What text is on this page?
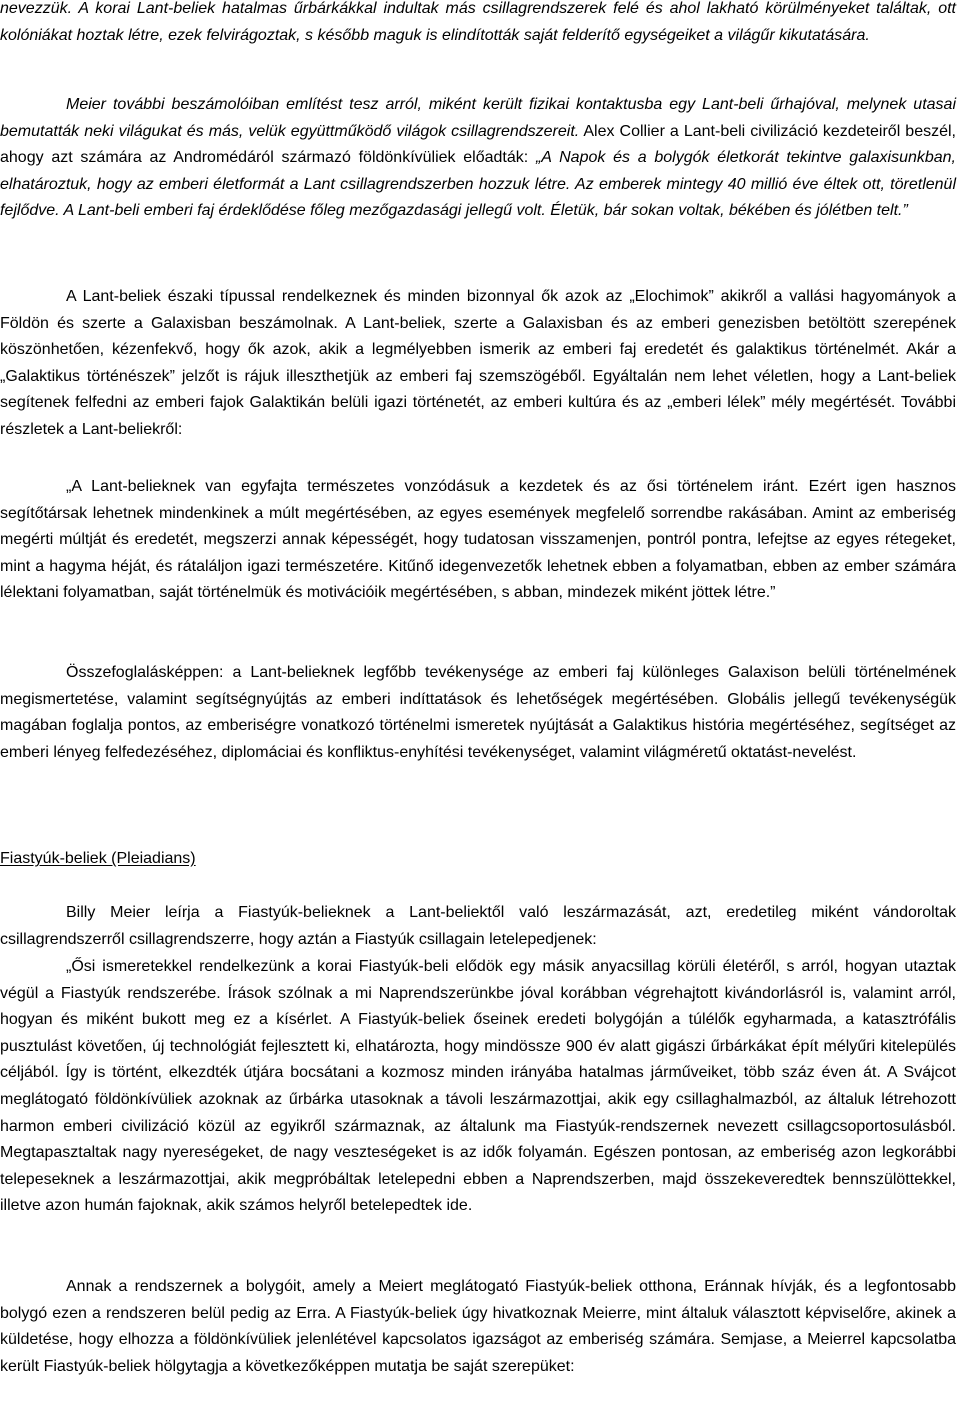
nevezzük. A korai Lant-beliek hatalmas űrbárkákkal indultak más csillagrendszerek felé és ahol lakható körülményeket találtak, ott kolóniákat hoztak létre, ezek felvirágoztak, s később maguk is elindították saját felderítő egységeiket a világűr kikutatására.

Meier további beszámolóiban említést tesz arról, miként került fizikai kontaktusba egy Lant-beli űrhajóval, melynek utasai bemutatták neki világukat és más, velük együttműködő világok csillagrendszereit. Alex Collier a Lant-beli civilizáció kezdeteiről beszél, ahogy azt számára az Andromédáról származó földönkívüliek előadták: „A Napok és a bolygók életkorát tekintve galaxisunkban, elhatároztuk, hogy az emberi életformát a Lant csillagrendszerben hozzuk létre. Az emberek mintegy 40 millió éve éltek ott, töretlenül fejlődve. A Lant-beli emberi faj érdeklődése főleg mezőgazdasági jellegű volt. Életük, bár sokan voltak, békében és jólétben telt.”

A Lant-beliek északi típussal rendelkeznek és minden bizonnyal ők azok az „Elochimok” akikről a vallási hagyományok a Földön és szerte a Galaxisban beszámolnak. A Lant-beliek, szerte a Galaxisban és az emberi genezisben betöltött szerepének köszönhetően, kézenfekvő, hogy ők azok, akik a legmélyebben ismerik az emberi faj eredetét és galaktikus történelmét. Akár a „Galaktikus történészek” jelzőt is rájuk illeszthetjük az emberi faj szemszögéből. Egyáltalán nem lehet véletlen, hogy a Lant-beliek segítenek felfedni az emberi fajok Galaktikán belüli igazi történetét, az emberi kultúra és az „emberi lélek” mély megértését. További részletek a Lant-beliekről:

„A Lant-belieknek van egyfajta természetes vonzódásuk a kezdetek és az ősi történelem iránt. Ezért igen hasznos segítőtársak lehetnek mindenkinek a múlt megértésében, az egyes események megfelelő sorrendbe rakásában. Amint az emberiség megérti múltját és eredetét, megszerzi annak képességét, hogy tudatosan visszamenjen, pontról pontra, lefejtse az egyes rétegeket, mint a hagyma héját, és rátaláljon igazi természetére. Kitűnő idegenvezetők lehetnek ebben a folyamatban, ebben az ember számára lélektani folyamatban, saját történelmük és motivációik megértésében, s abban, mindezek miként jöttek létre.”

Összefoglalásképpen: a Lant-belieknek legfőbb tevékenysége az emberi faj különleges Galaxison belüli történelmének megismertetése, valamint segítségnyújtás az emberi indíttatások és lehetőségek megértésében. Globális jellegű tevékenységük magában foglalja pontos, az emberiségre vonatkozó történelmi ismeretek nyújtását a Galaktikus história megértéséhez, segítséget az emberi lényeg felfedezéséhez, diplomáciai és konfliktus-enyhítési tevékenységet, valamint világméretű oktatást-nevelést.

Fiastyúk-beliek (Pleiadians)

Billy Meier leírja a Fiastyúk-belieknek a Lant-beliektől való leszármazását, azt, eredetileg miként vándoroltak csillagrendszerről csillagrendszerre, hogy aztán a Fiastyúk csillagain letelepedjenek:

„Ősi ismeretekkel rendelkezünk a korai Fiastyúk-beli elődök egy másik anyacsillag körüli életéről, s arról, hogyan utaztak végül a Fiastyúk rendszerébe. Írások szólnak a mi Naprendszerünkbe jóval korábban végrehajtott kivándorlásról is, valamint arról, hogyan és miként bukott meg ez a kísérlet. A Fiastyúk-beliek őseinek eredeti bolygóján a túlélők egyharmada, a katasztrófális pusztulást követően, új technológiát fejlesztett ki, elhatározta, hogy mindössze 900 év alatt gigászi űrbárkákat épít mélyűri kitelepülés céljából. Így is történt, elkezdték útjára bocsátani a kozmosz minden irányába hatalmas járműveiket, több száz éven át. A Svájcot meglátogató földönkívüliek azoknak az űrbárka utasoknak a távoli leszármazottjai, akik egy csillaghalmazból, az általuk létrehozott harmon emberi civilizáció közül az egyikről származnak, az általunk ma Fiastyúk-rendszernek nevezett csillagcsoportosulásból. Megtapasztaltak nagy nyereségeket, de nagy veszteségeket is az idők folyamán. Egészen pontosan, az emberiség azon legkorábbi telepeseknek a leszármazottjai, akik megpróbáltak letelepedni ebben a Naprendszerben, majd összekeveredtek bennszülöttekkel, illetve azon humán fajoknak, akik számos helyről betelepedtek ide.

Annak a rendszernek a bolygóit, amely a Meiert meglátogató Fiastyúk-beliek otthona, Eránnak hívják, és a legfontosabb bolygó ezen a rendszeren belül pedig az Erra. A Fiastyúk-beliek úgy hivatkoznak Meierre, mint általuk választott képviselőre, akinek a küldetése, hogy elhozza a földönkívüliek jelenlétével kapcsolatos igazságot az emberiség számára. Semjase, a Meierrel kapcsolatba került Fiastyúk-beliek hölgytagja a következőképpen mutatja be saját szerepüket:
